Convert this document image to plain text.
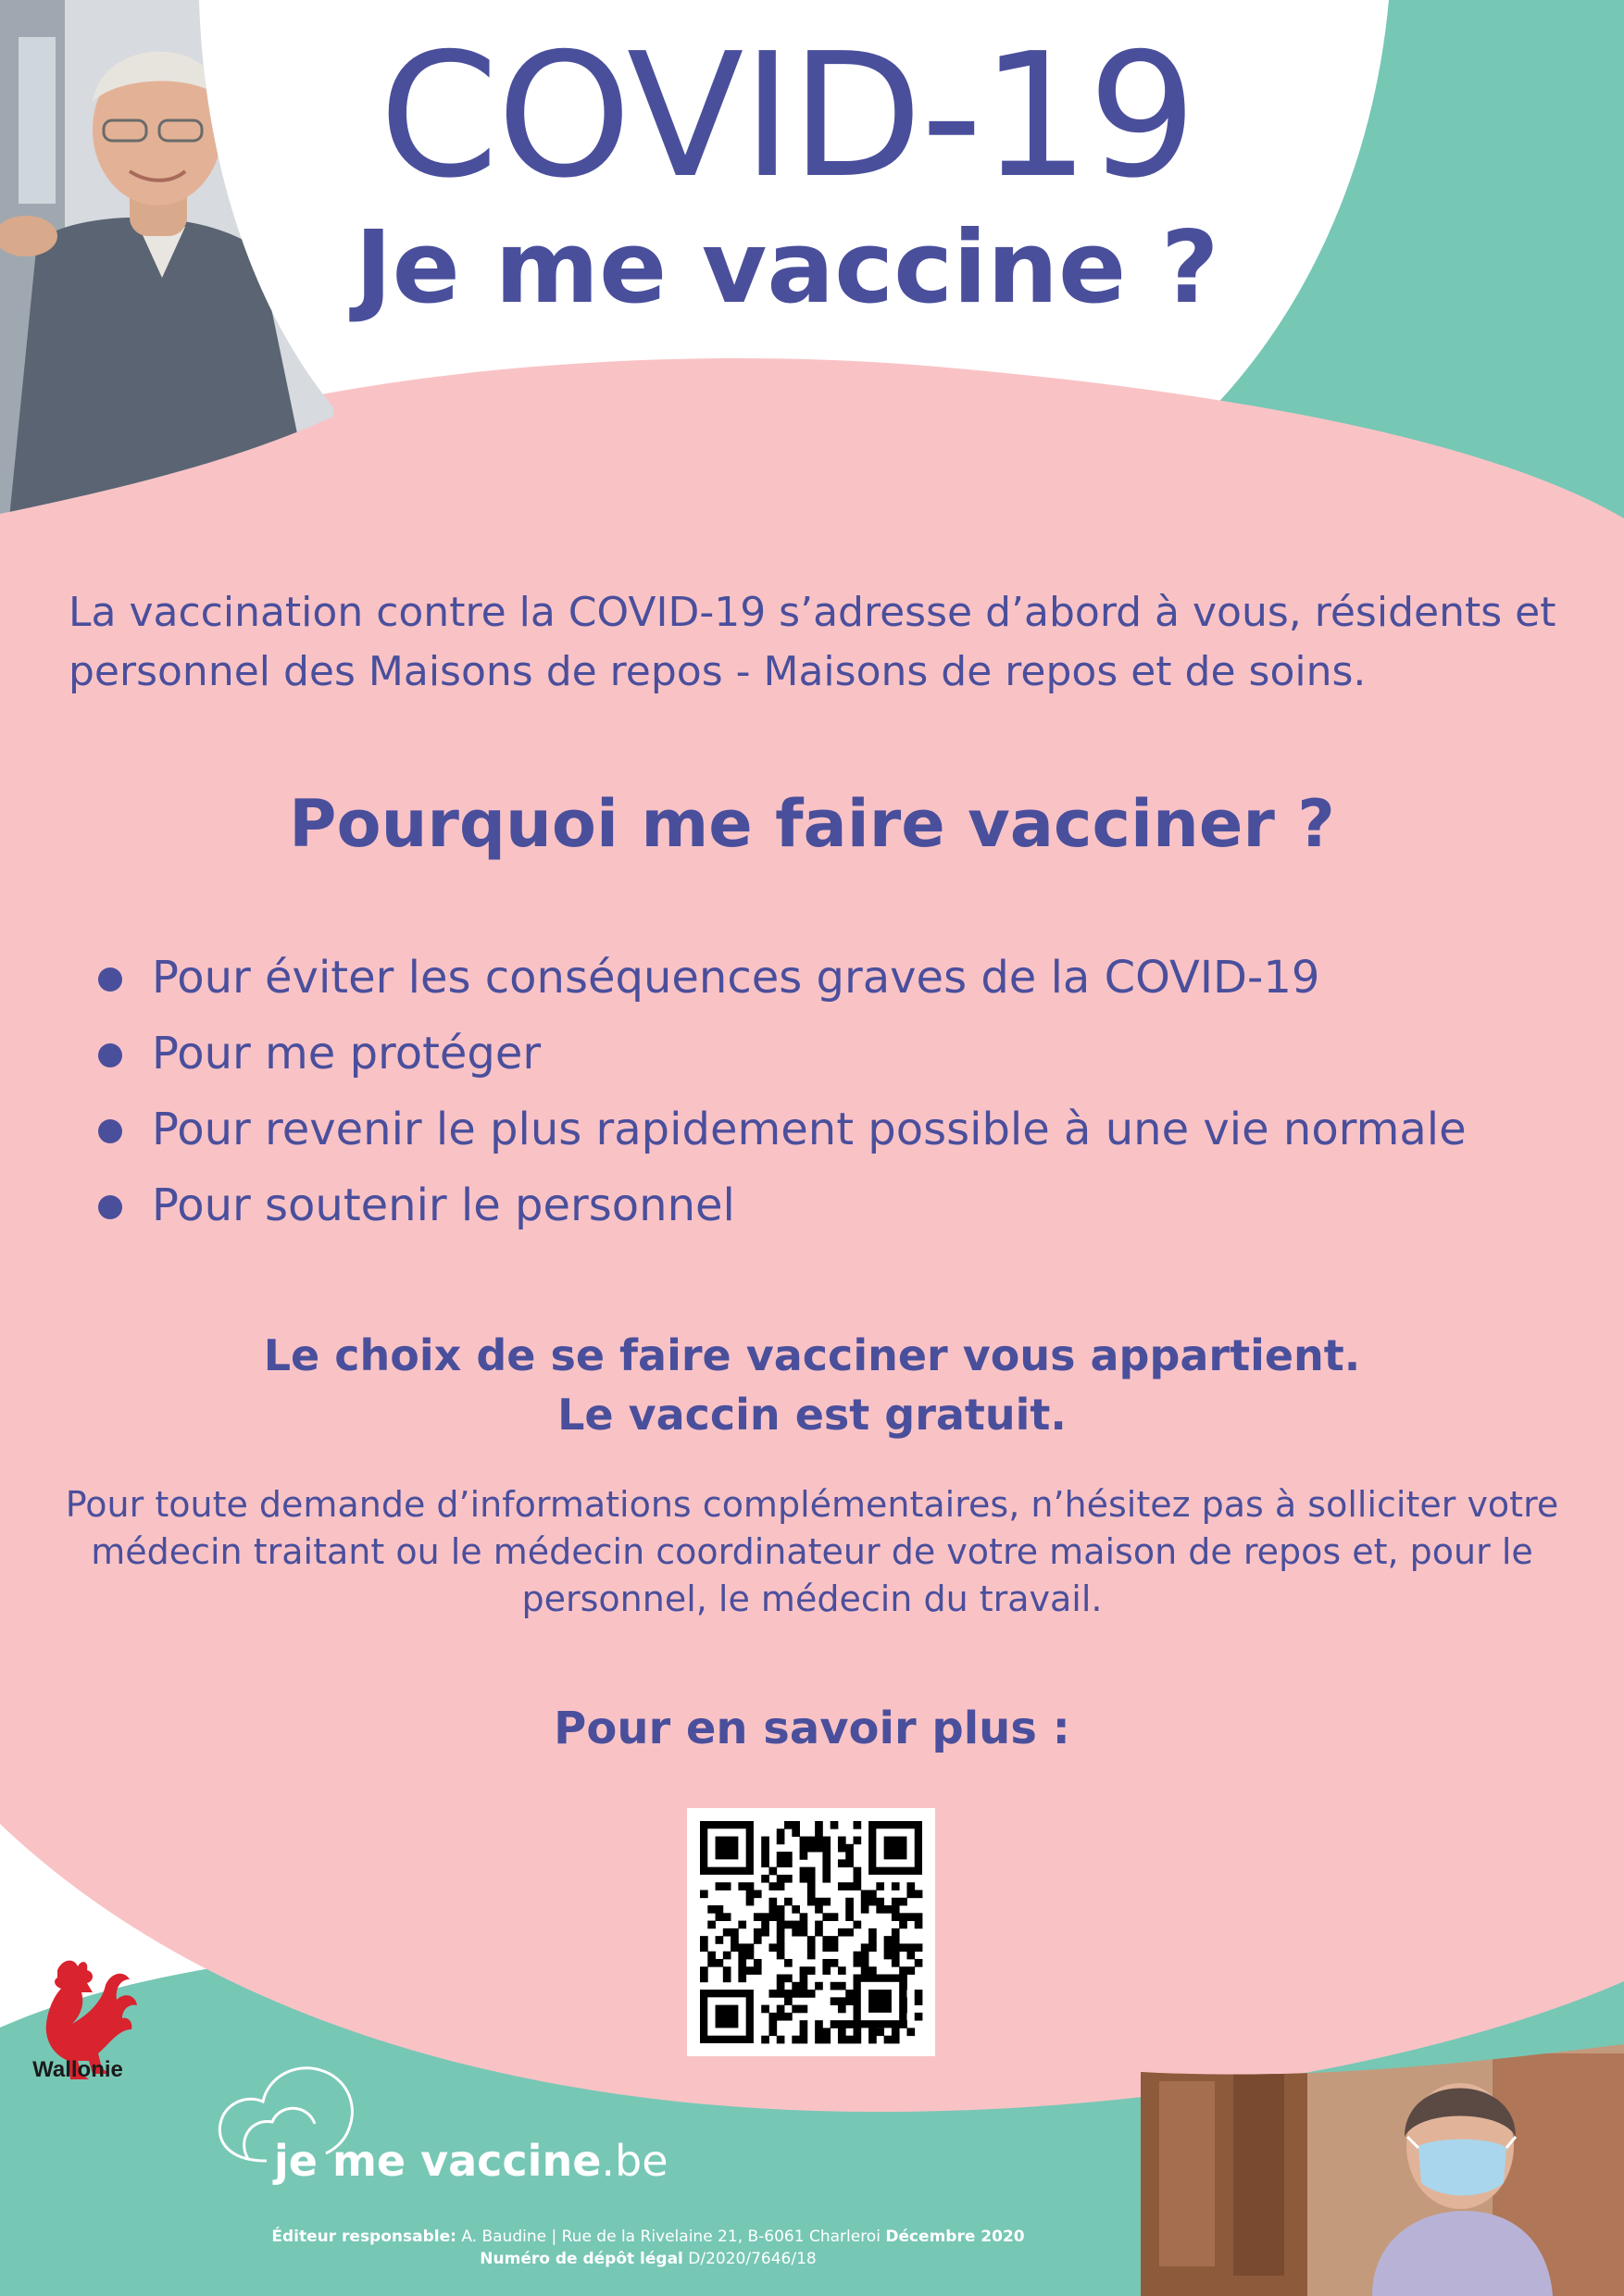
COVID-19
Je me vaccine ?
La vaccination contre la COVID-19 s’adresse d’abord à vous, résidents et personnel des Maisons de repos - Maisons de repos et de soins.
Pourquoi me faire vacciner ?
Pour éviter les conséquences graves de la COVID-19
Pour me protéger
Pour revenir le plus rapidement possible à une vie normale
Pour soutenir le personnel
Le choix de se faire vacciner vous appartient.
Le vaccin est gratuit.
Pour toute demande d’informations complémentaires, n’hésitez pas à solliciter votre médecin traitant ou le médecin coordinateur de votre maison de repos et, pour le personnel, le médecin du travail.
Pour en savoir plus :
Wallonie
je me vaccine.be
Éditeur responsable: A. Baudine | Rue de la Rivelaine 21, B-6061 Charleroi Décembre 2020
Numéro de dépôt légal D/2020/7646/18
